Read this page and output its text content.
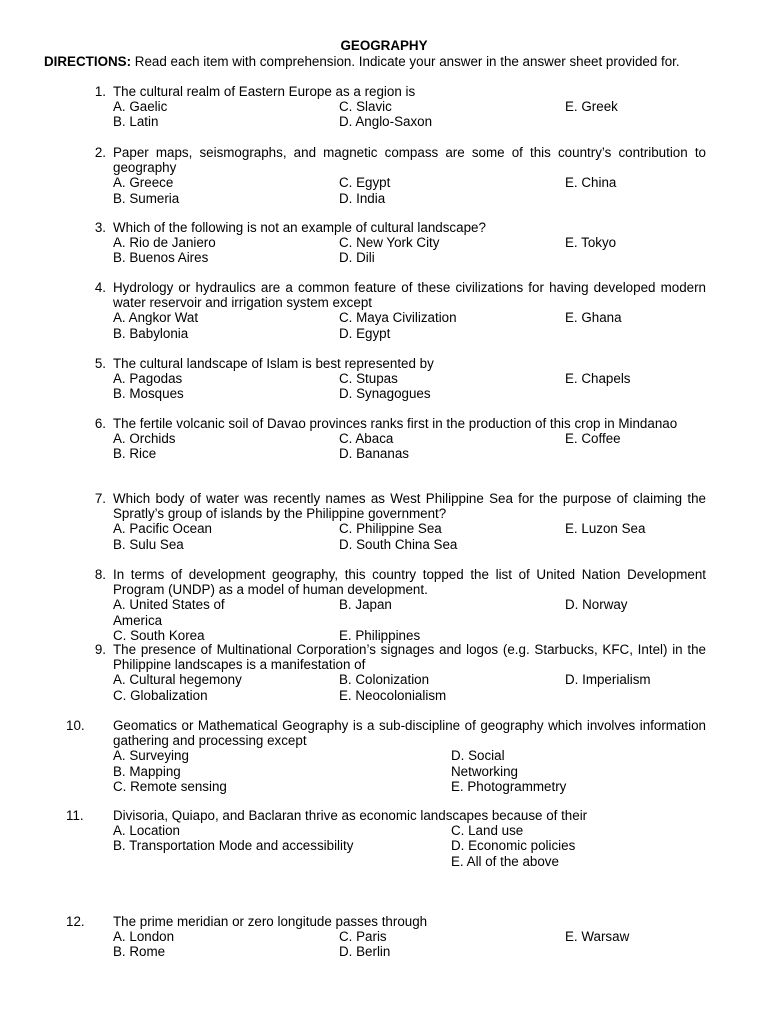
GEOGRAPHY
DIRECTIONS: Read each item with comprehension. Indicate your answer in the answer sheet provided for.
1. The cultural realm of Eastern Europe as a region is
A. Gaelic	C. Slavic	E. Greek
B. Latin	D. Anglo-Saxon
2. Paper maps, seismographs, and magnetic compass are some of this country’s contribution to geography
A. Greece	C. Egypt	E. China
B. Sumeria	D. India
3. Which of the following is not an example of cultural landscape?
A. Rio de Janiero	C. New York City	E. Tokyo
B. Buenos Aires	D. Dili
4. Hydrology or hydraulics are a common feature of these civilizations for having developed modern water reservoir and irrigation system except
A. Angkor Wat	C. Maya Civilization	E. Ghana
B. Babylonia	D. Egypt
5. The cultural landscape of Islam is best represented by
A. Pagodas	C. Stupas	E. Chapels
B. Mosques	D. Synagogues
6. The fertile volcanic soil of Davao provinces ranks first in the production of this crop in Mindanao
A. Orchids	C. Abaca	E. Coffee
B. Rice	D. Bananas
7. Which body of water was recently names as West Philippine Sea for the purpose of claiming the Spratly’s group of islands by the Philippine government?
A. Pacific Ocean	C. Philippine Sea	E. Luzon Sea
B. Sulu Sea	D. South China Sea
8. In terms of development geography, this country topped the list of United Nation Development Program (UNDP) as a model of human development.
A. United States of America
B. Japan	D. Norway
C. South Korea	E. Philippines
9. The presence of Multinational Corporation’s signages and logos (e.g. Starbucks, KFC, Intel) in the Philippine landscapes is a manifestation of
A. Cultural hegemony	B. Colonization	D. Imperialism
C. Globalization	E. Neocolonialism
10.	Geomatics or Mathematical Geography is a sub-discipline of geography which involves information gathering and processing except
A. Surveying	D. Social Networking
B. Mapping
C. Remote sensing	E. Photogrammetry
11.	Divisoria, Quiapo, and Baclaran thrive as economic landscapes because of their
A. Location	C. Land use
B. Transportation Mode and accessibility	D. Economic policies
E. All of the above
12.	The prime meridian or zero longitude passes through
A. London	C. Paris	E. Warsaw
B. Rome	D. Berlin
